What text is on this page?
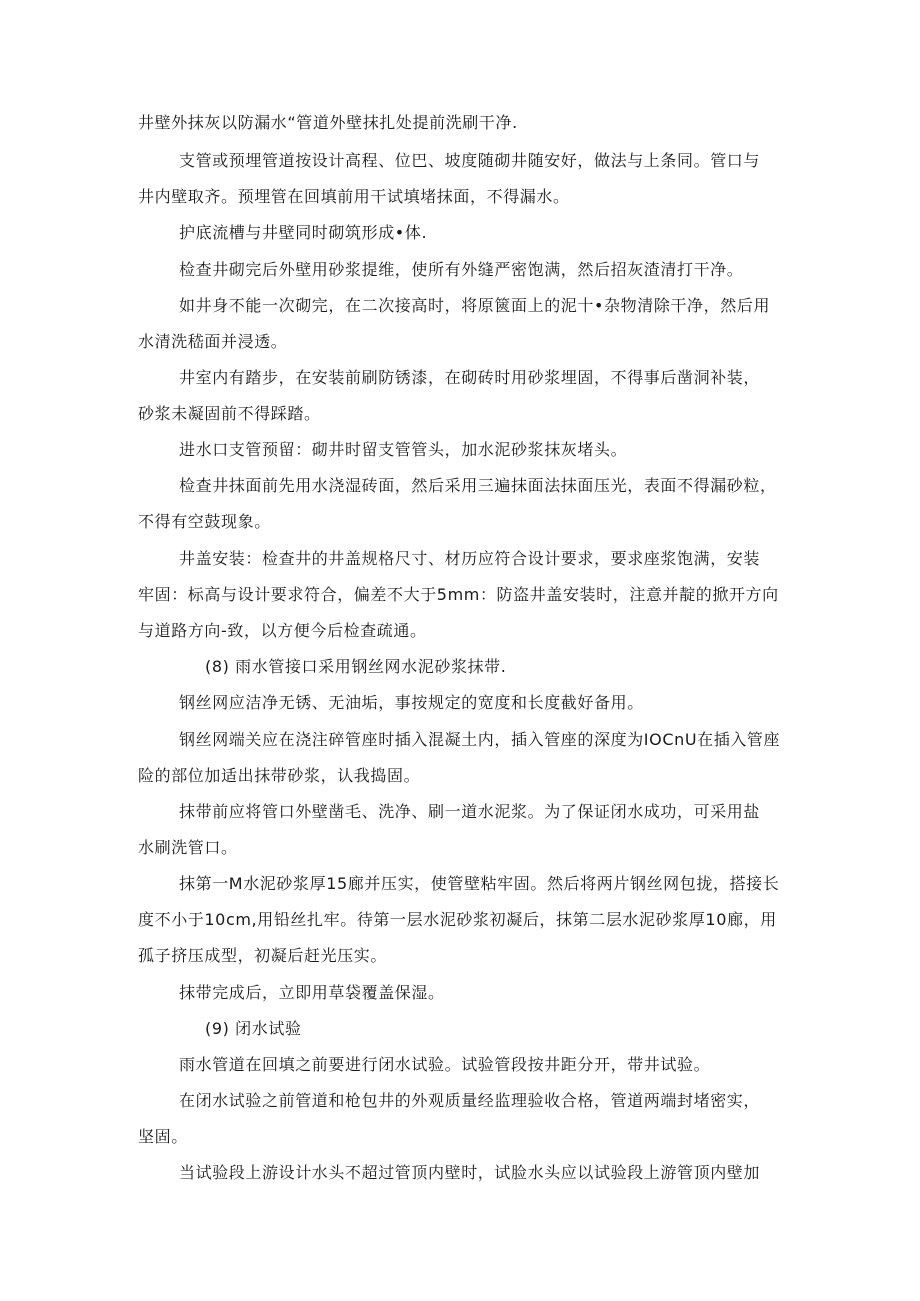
井壁外抹灰以防漏水“管道外壁抹扎处提前洗刷干净.
支管或预埋管道按设计高程、位巴、坡度随砌井随安好，做法与上条同。管口与
井内壁取齐。预埋管在回填前用干试填堵抹面，不得漏水。
护底流槽与井壁同时砌筑形成•体.
检查井砌完后外壁用砂浆提维，使所有外缝严密饱满，然后招灰渣清打干净。
如井身不能一次砌完，在二次接高时，将原篋面上的泥十•杂物清除干净，然后用
水清洗嵇面并浸透。
井室内有踏步，在安装前刷防锈漆，在砌砖时用砂浆埋固，不得事后凿洞补装，
砂浆未凝固前不得踩踏。
进水口支管预留：砌井时留支管管头，加水泥砂浆抹灰堵头。
检查井抹面前先用水浇湿砖面，然后采用三遍抹面法抹面压光，表面不得漏砂粒，
不得有空鼓现象。
井盖安装：检查井的井盖规格尺寸、材历应符合设计要求，要求座浆饱满，安装
牢固：标高与设计要求符合，偏差不大于5mm：防盗井盖安装时，注意并靛的掀开方向
与道路方向-致，以方便今后检查疏通。
(8) 雨水管接口采用钢丝网水泥砂浆抹带.
钢丝网应洁净无锈、无油垢，事按规定的宽度和长度截好备用。
钢丝网端关应在浇注碎管座时插入混凝土内，插入管座的深度为IOCnU在插入管座
险的部位加适出抹带砂浆，认我捣固。
抹带前应将管口外壁凿毛、洗净、刷一道水泥浆。为了保证闭水成功，可采用盐
水刷洗管口。
抹第一M水泥砂浆厚15廊并压实，使管壁粘牢固。然后将两片钢丝网包拢，搭接长
度不小于10cm,用铅丝扎牢。待第一层水泥砂浆初凝后，抹第二层水泥砂浆厚10廊，用
孤子挤压成型，初凝后赶光压实。
抹带完成后，立即用草袋覆盖保湿。
(9) 闭水试验
雨水管道在回填之前要进行闭水试验。试验管段按井距分开，带井试验。
在闭水试验之前管道和枪包井的外观质量经监理验收合格，管道两端封堵密实，
坚固。
当试验段上游设计水头不超过管顶内壁时，试脸水头应以试验段上游管顶内壁加
